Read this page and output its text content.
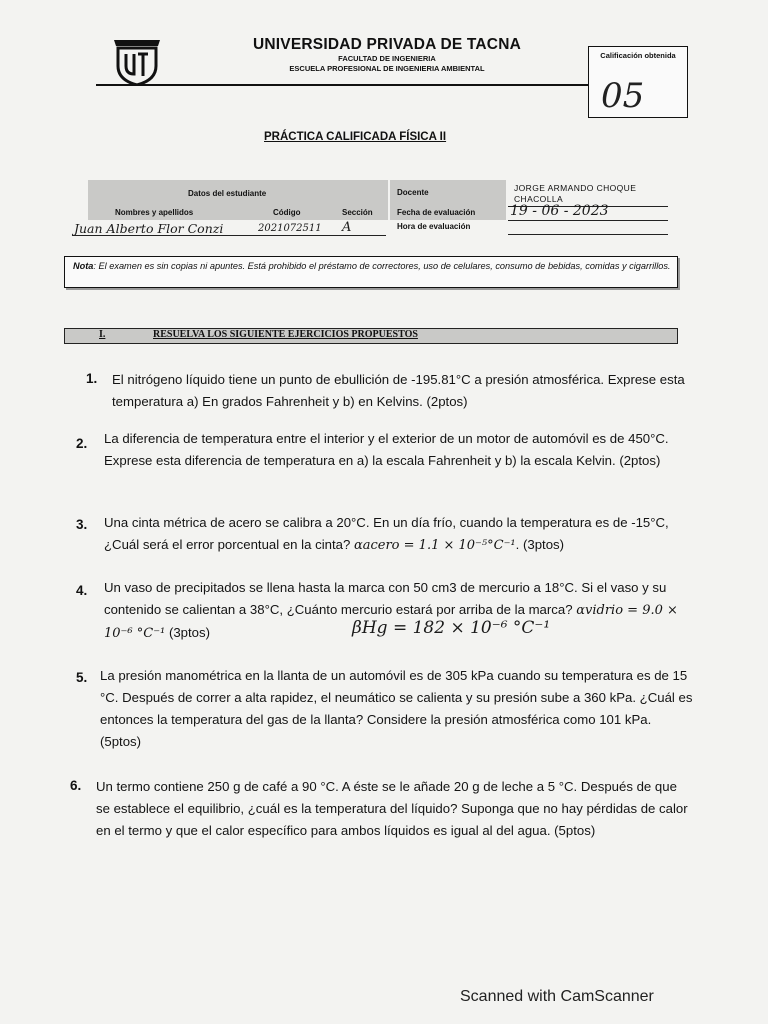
UNIVERSIDAD PRIVADA DE TACNA
FACULTAD DE INGENIERIA
ESCUELA PROFESIONAL DE INGENIERIA AMBIENTAL
Calificación obtenida
05
PRÁCTICA CALIFICADA FÍSICA II
Datos del estudiante	Docente	JORGE ARMANDO CHOQUE CHACOLLA
Nombres y apellidos	Código	Sección	Fecha de evaluación 19 - 06 - 2023
Juan Alberto Flor Conzi	2021072511 A	Hora de evaluación
Nota: El examen es sin copias ni apuntes. Está prohibido el préstamo de correctores, uso de celulares, consumo de bebidas, comidas y cigarrillos.
I.	RESUELVA LOS SIGUIENTE EJERCICIOS PROPUESTOS
1. El nitrógeno líquido tiene un punto de ebullición de -195.81°C a presión atmosférica. Exprese esta temperatura a) En grados Fahrenheit y b) en Kelvins. (2ptos)
2. La diferencia de temperatura entre el interior y el exterior de un motor de automóvil es de 450°C. Exprese esta diferencia de temperatura en a) la escala Fahrenheit y b) la escala Kelvin. (2ptos)
3. Una cinta métrica de acero se calibra a 20°C. En un día frío, cuando la temperatura es de -15°C, ¿Cuál será el error porcentual en la cinta? αacero = 1.1 × 10⁻⁵°C⁻¹. (3ptos)
4. Un vaso de precipitados se llena hasta la marca con 50 cm3 de mercurio a 18°C. Si el vaso y su contenido se calientan a 38°C, ¿Cuánto mercurio estará por arriba de la marca? αvidrio = 9.0 × 10⁻⁶ °C⁻¹ (3ptos)	βHg = 182 × 10⁻⁶ °C⁻¹
5. La presión manométrica en la llanta de un automóvil es de 305 kPa cuando su temperatura es de 15 °C. Después de correr a alta rapidez, el neumático se calienta y su presión sube a 360 kPa. ¿Cuál es entonces la temperatura del gas de la llanta? Considere la presión atmosférica como 101 kPa. (5ptos)
6. Un termo contiene 250 g de café a 90 °C. A éste se le añade 20 g de leche a 5 °C. Después de que se establece el equilibrio, ¿cuál es la temperatura del líquido? Suponga que no hay pérdidas de calor en el termo y que el calor específico para ambos líquidos es igual al del agua. (5ptos)
Scanned with CamScanner
